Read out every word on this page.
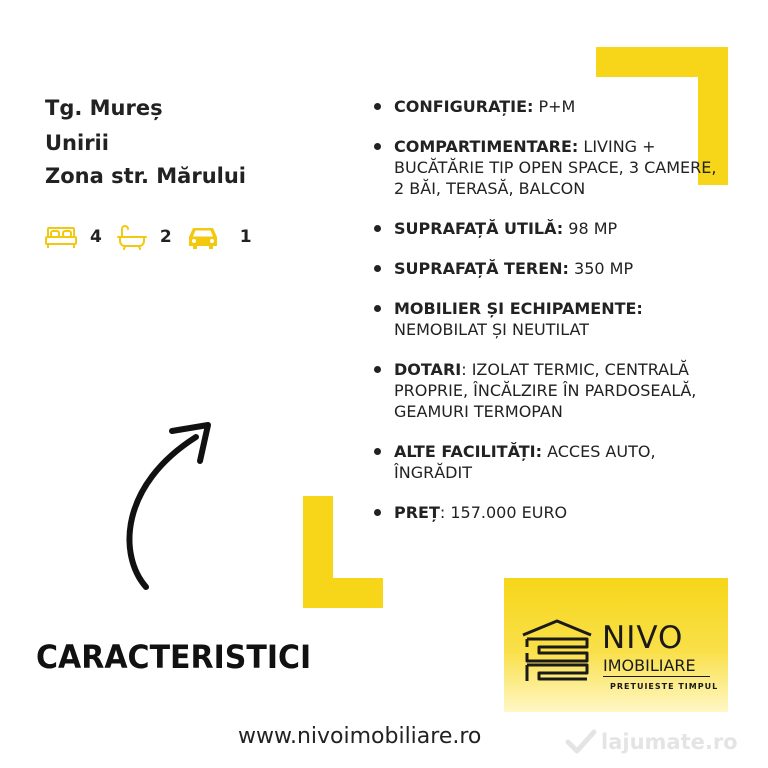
Tg. Mureș
Unirii
Zona str. Mărului
4	2	1
CONFIGURAȚIE: P+M
COMPARTIMENTARE: LIVING + BUCĂTĂRIE TIP OPEN SPACE, 3 CAMERE, 2 BĂI, TERASĂ, BALCON
SUPRAFAȚĂ UTILĂ: 98 MP
SUPRAFAȚĂ TEREN: 350 MP
MOBILIER ȘI ECHIPAMENTE: NEMOBILAT ȘI NEUTILAT
DOTARI: IZOLAT TERMIC, CENTRALĂ PROPRIE, ÎNCĂLZIRE ÎN PARDOSEALĂ, GEAMURI TERMOPAN
ALTE FACILITĂȚI: ACCES AUTO, ÎNGRĂDIT
PREȚ: 157.000 EURO
CARACTERISTICI
NIVO
IMOBILIARE
PRETUIESTE TIMPUL
www.nivoimobiliare.ro	lajumate.ro
